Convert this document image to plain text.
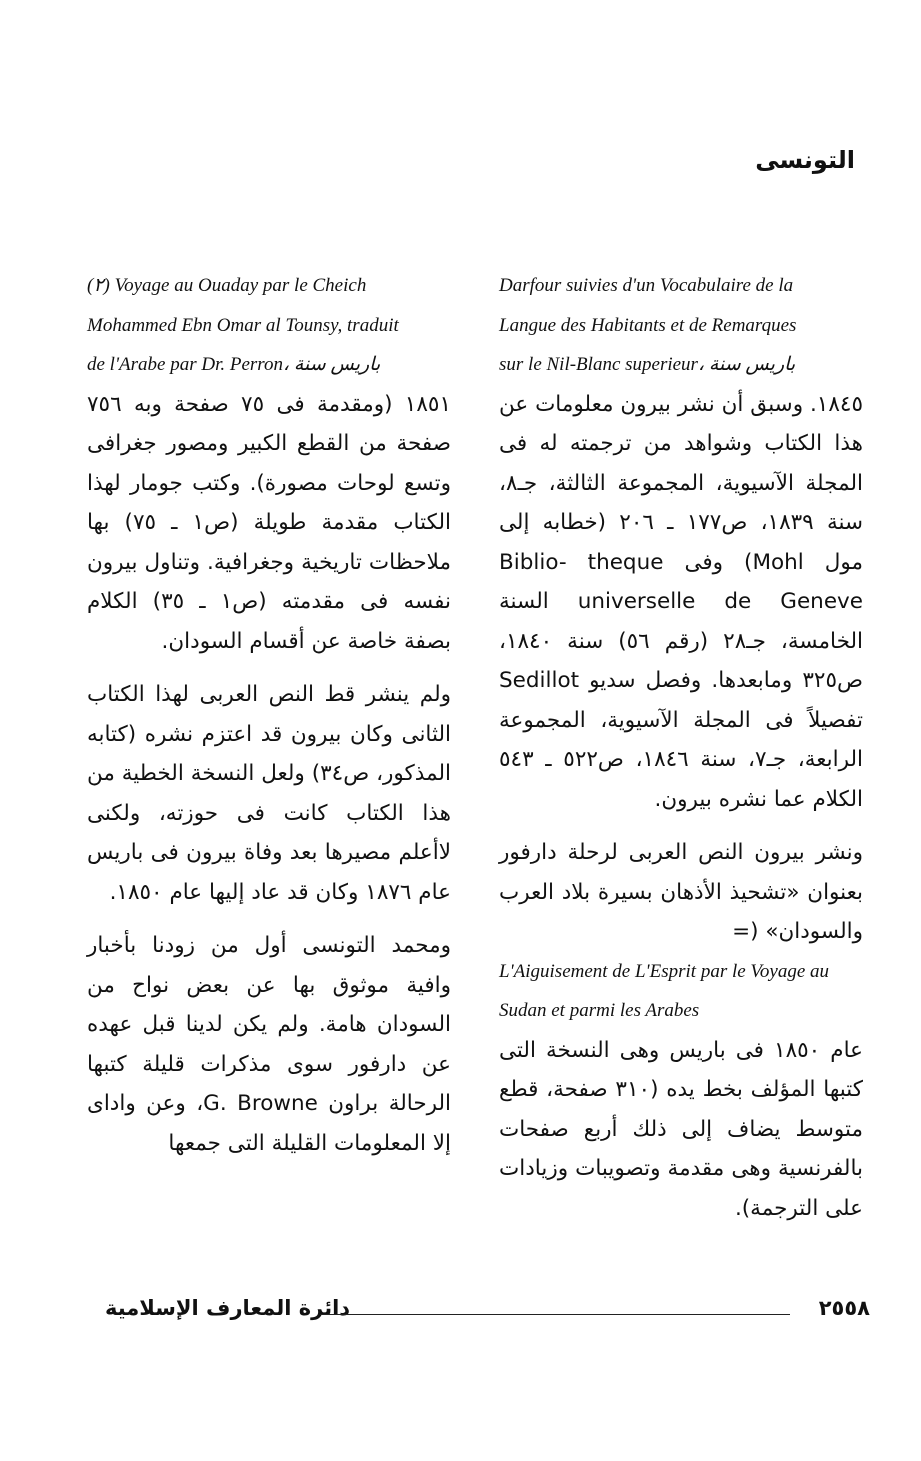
التونسى

Darfour suivies d'un Vocabulaire de la
Langue des Habitants et de Remarques
sur le Nil-Blanc superieur، باريس سنة
١٨٤٥. وسبق أن نشر بيرون معلومات عن هذا الكتاب وشواهد من ترجمته له فى المجلة الآسيوية، المجموعة الثالثة، جـ٨، سنة ١٨٣٩، ص١٧٧ ـ ٢٠٦ (خطابه إلى مول Mohl) وفى Biblio- theque universelle de Geneve السنة الخامسة، جـ٢٨ (رقم ٥٦) سنة ١٨٤٠، ص٣٢٥ ومابعدها. وفصل سديو Sedillot تفصيلاً فى المجلة الآسيوية، المجموعة الرابعة، جـ٧، سنة ١٨٤٦، ص٥٢٢ ـ ٥٤٣ الكلام عما نشره بيرون.

ونشر بيرون النص العربى لرحلة دارفور بعنوان «تشحيذ الأذهان بسيرة بلاد العرب والسودان» (=
L'Aiguisement de L'Esprit par le Voyage au Sudan et parmi les Arabes
عام ١٨٥٠ فى باريس وهى النسخة التى كتبها المؤلف بخط يده (٣١٠ صفحة، قطع متوسط يضاف إلى ذلك أربع صفحات بالفرنسية وهى مقدمة وتصويبات وزيادات على الترجمة).

(٢) Voyage au Ouaday par le Cheich
Mohammed Ebn Omar al Tounsy, traduit
de l'Arabe par Dr. Perron، باريس سنة
١٨٥١ (ومقدمة فى ٧٥ صفحة وبه ٧٥٦ صفحة من القطع الكبير ومصور جغرافى وتسع لوحات مصورة). وكتب جومار لهذا الكتاب مقدمة طويلة (ص١ ـ ٧٥) بها ملاحظات تاريخية وجغرافية. وتناول بيرون نفسه فى مقدمته (ص١ ـ ٣٥) الكلام بصفة خاصة عن أقسام السودان.

ولم ينشر قط النص العربى لهذا الكتاب الثانى وكان بيرون قد اعتزم نشره (كتابه المذكور، ص٣٤) ولعل النسخة الخطية من هذا الكتاب كانت فى حوزته، ولكنى لاأعلم مصيرها بعد وفاة بيرون فى باريس عام ١٨٧٦ وكان قد عاد إليها عام ١٨٥٠.

ومحمد التونسى أول من زودنا بأخبار وافية موثوق بها عن بعض نواح من السودان هامة. ولم يكن لدينا قبل عهده عن دارفور سوى مذكرات قليلة كتبها الرحالة براون G. Browne، وعن وادای إلا المعلومات القليلة التى جمعها

دائرة المعارف الإسلامية	٢٥٥٨
